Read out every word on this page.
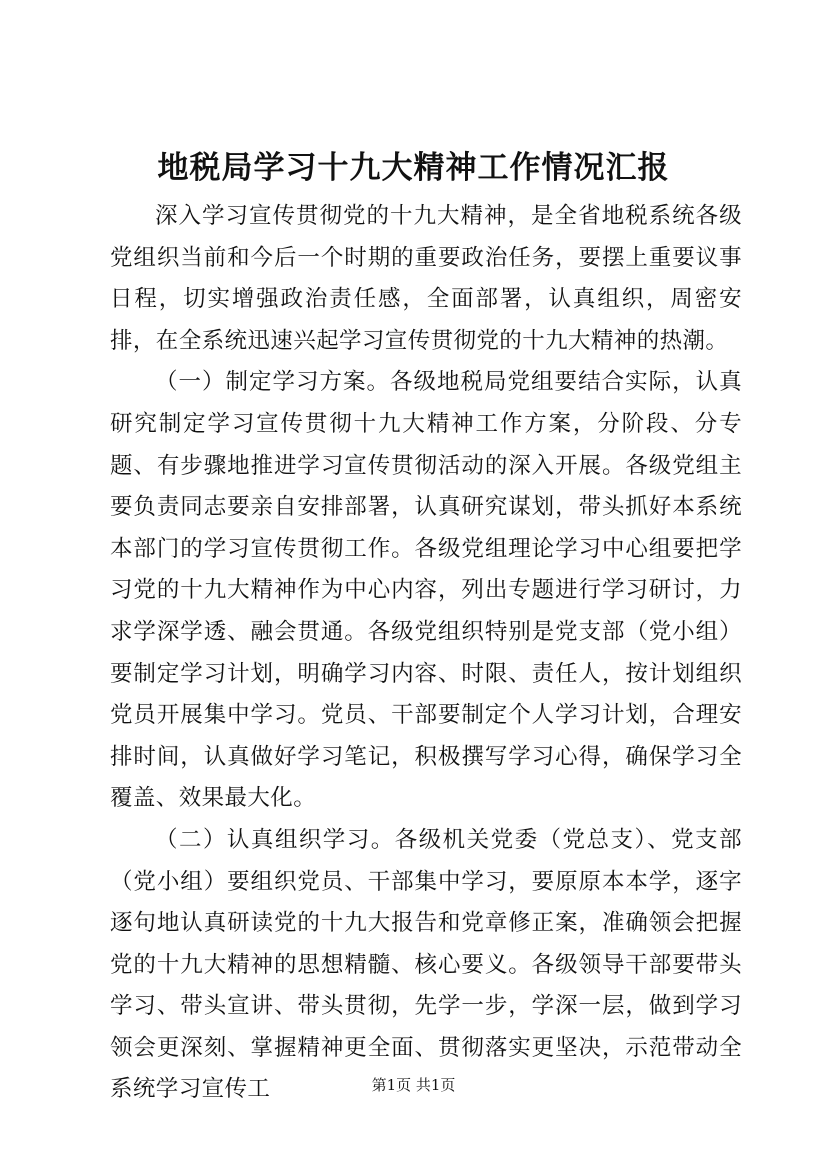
地税局学习十九大精神工作情况汇报

深入学习宣传贯彻党的十九大精神，是全省地税系统各级党组织当前和今后一个时期的重要政治任务，要摆上重要议事日程，切实增强政治责任感，全面部署，认真组织，周密安排，在全系统迅速兴起学习宣传贯彻党的十九大精神的热潮。

（一）制定学习方案。各级地税局党组要结合实际，认真研究制定学习宣传贯彻十九大精神工作方案，分阶段、分专题、有步骤地推进学习宣传贯彻活动的深入开展。各级党组主要负责同志要亲自安排部署，认真研究谋划，带头抓好本系统本部门的学习宣传贯彻工作。各级党组理论学习中心组要把学习党的十九大精神作为中心内容，列出专题进行学习研讨，力求学深学透、融会贯通。各级党组织特别是党支部（党小组）要制定学习计划，明确学习内容、时限、责任人，按计划组织党员开展集中学习。党员、干部要制定个人学习计划，合理安排时间，认真做好学习笔记，积极撰写学习心得，确保学习全覆盖、效果最大化。

（二）认真组织学习。各级机关党委（党总支）、党支部（党小组）要组织党员、干部集中学习，要原原本本学，逐字逐句地认真研读党的十九大报告和党章修正案，准确领会把握党的十九大精神的思想精髓、核心要义。各级领导干部要带头学习、带头宣讲、带头贯彻，先学一步，学深一层，做到学习领会更深刻、掌握精神更全面、贯彻落实更坚决，示范带动全系统学习宣传工	第1页 共1页
